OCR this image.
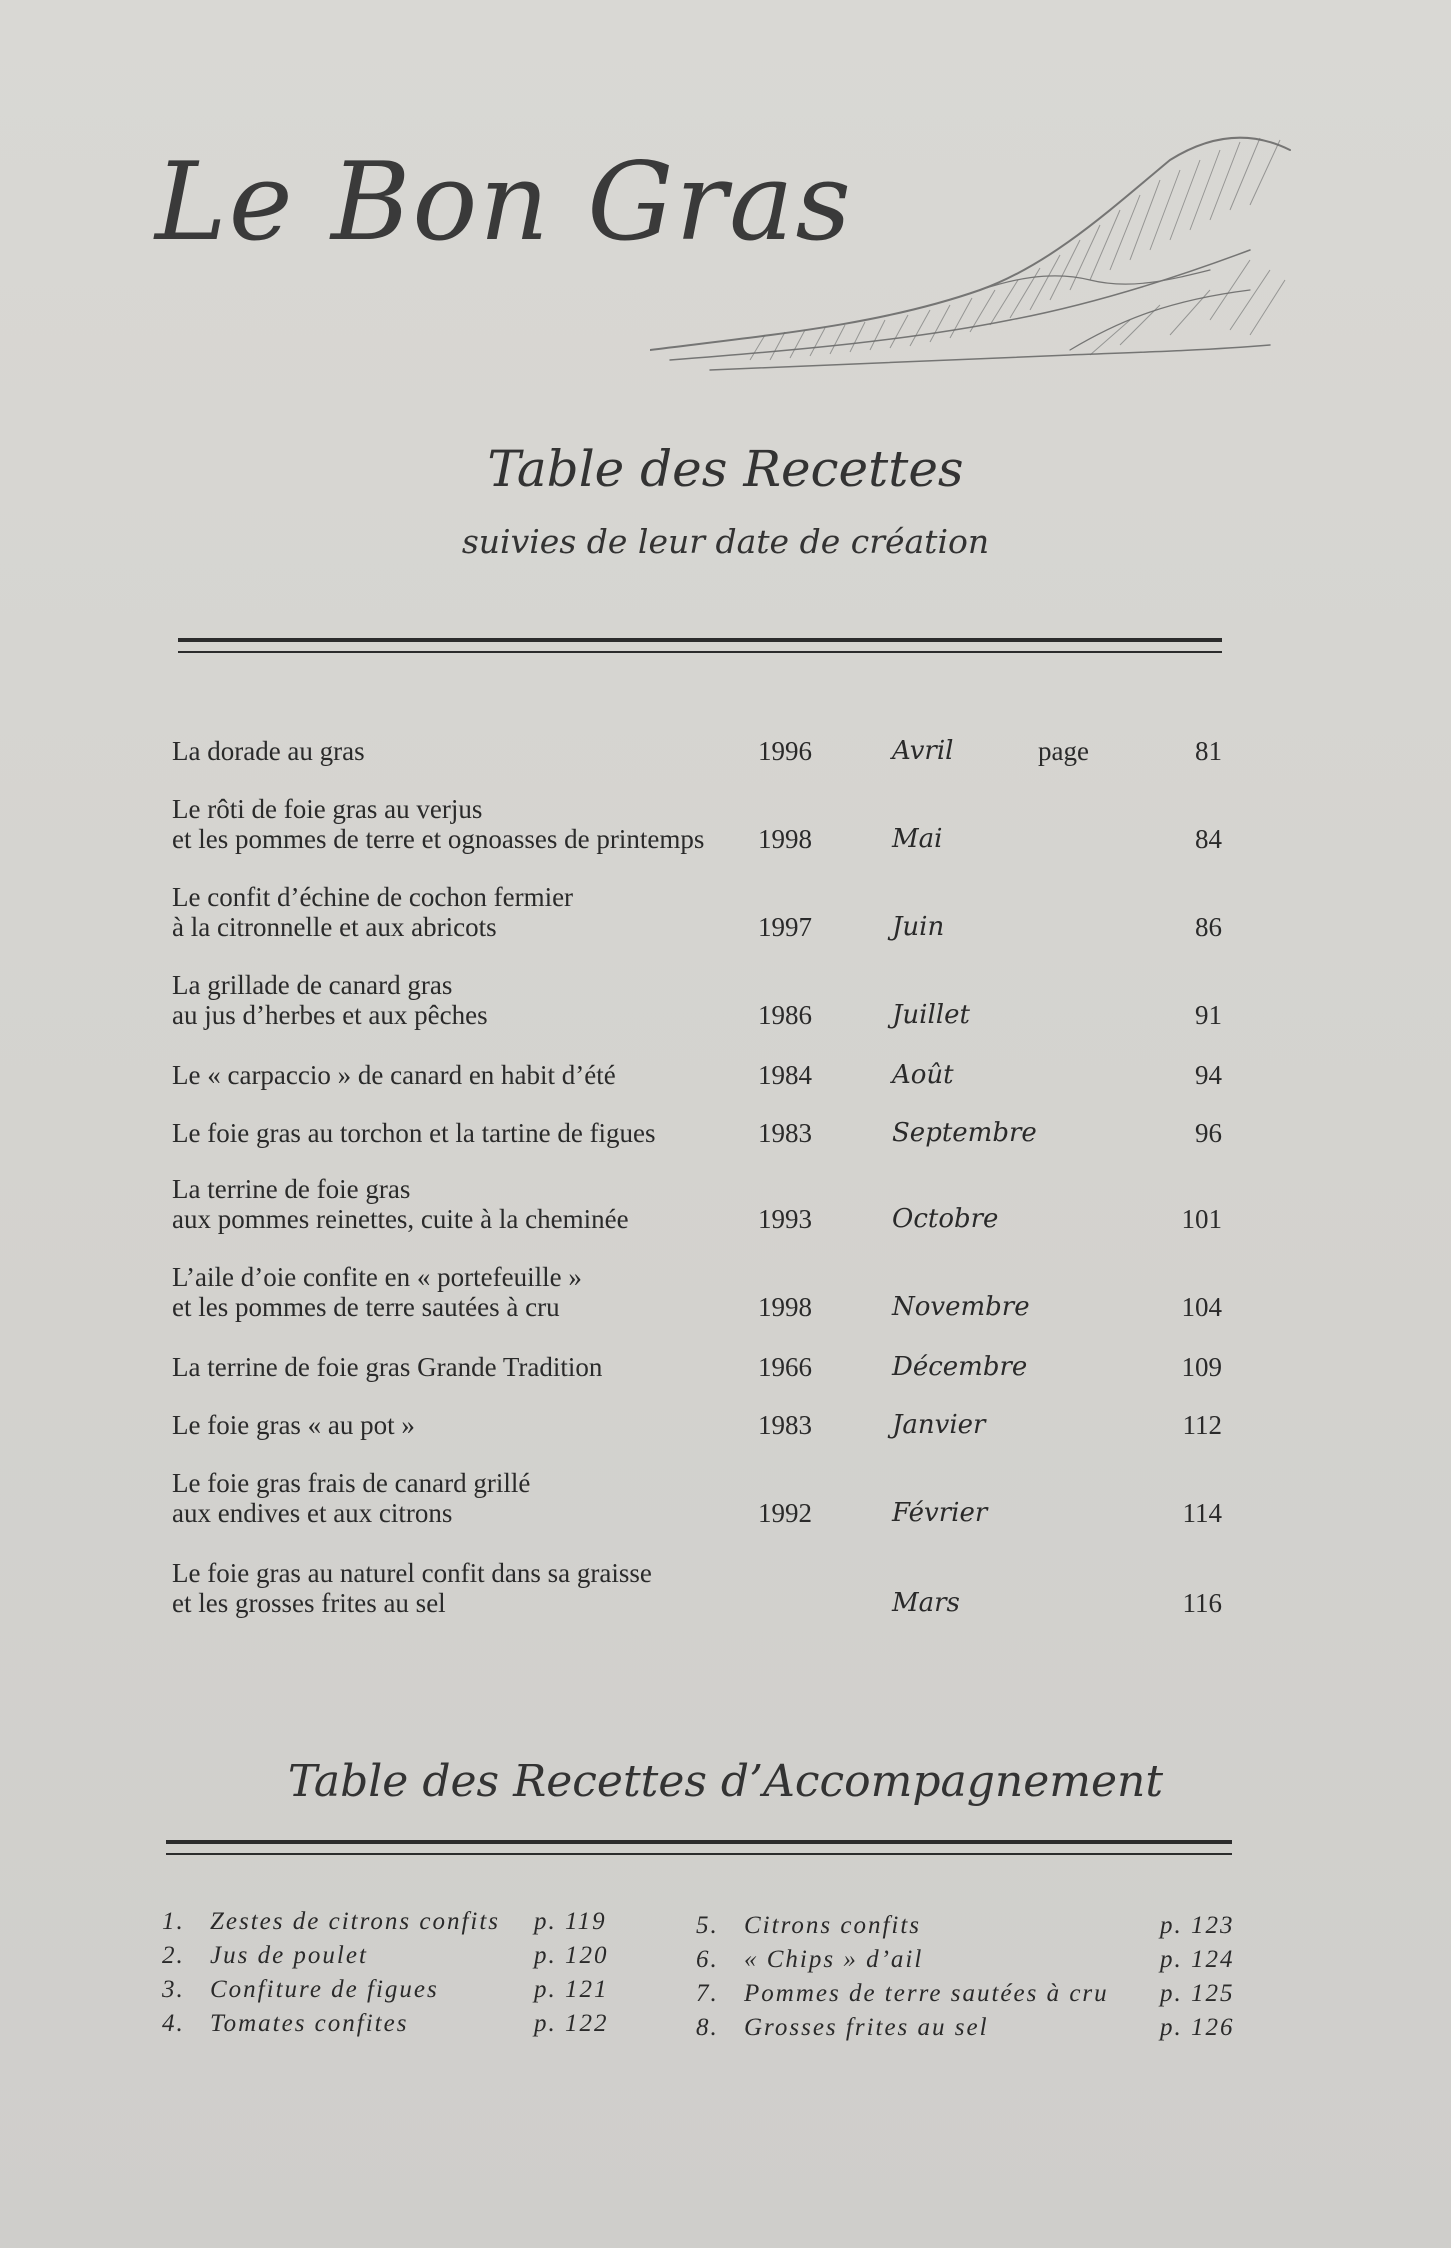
Le Bon Gras
Table des Recettes
suivies de leur date de création
La dorade au gras	1996	Avril	page	81
Le rôti de foie gras au verjus
et les pommes de terre et ognoasses de printemps	1998	Mai	84
Le confit d’échine de cochon fermier
à la citronnelle et aux abricots	1997	Juin	86
La grillade de canard gras
au jus d’herbes et aux pêches	1986	Juillet	91
Le « carpaccio » de canard en habit d’été	1984	Août	94
Le foie gras au torchon et la tartine de figues	1983	Septembre	96
La terrine de foie gras
aux pommes reinettes, cuite à la cheminée	1993	Octobre	101
L’aile d’oie confite en « portefeuille »
et les pommes de terre sautées à cru	1998	Novembre	104
La terrine de foie gras Grande Tradition	1966	Décembre	109
Le foie gras « au pot »	1983	Janvier	112
Le foie gras frais de canard grillé
aux endives et aux citrons	1992	Février	114
Le foie gras au naturel confit dans sa graisse
et les grosses frites au sel	Mars	116
Table des Recettes d’Accompagnement
1. Zestes de citrons confits p. 119
2. Jus de poulet	p. 120
3. Confiture de figues	p. 121
4. Tomates confites	p. 122
5. Citrons confits	p. 123
6. « Chips » d’ail	p. 124
7. Pommes de terre sautées à cru p. 125
8. Grosses frites au sel	p. 126
